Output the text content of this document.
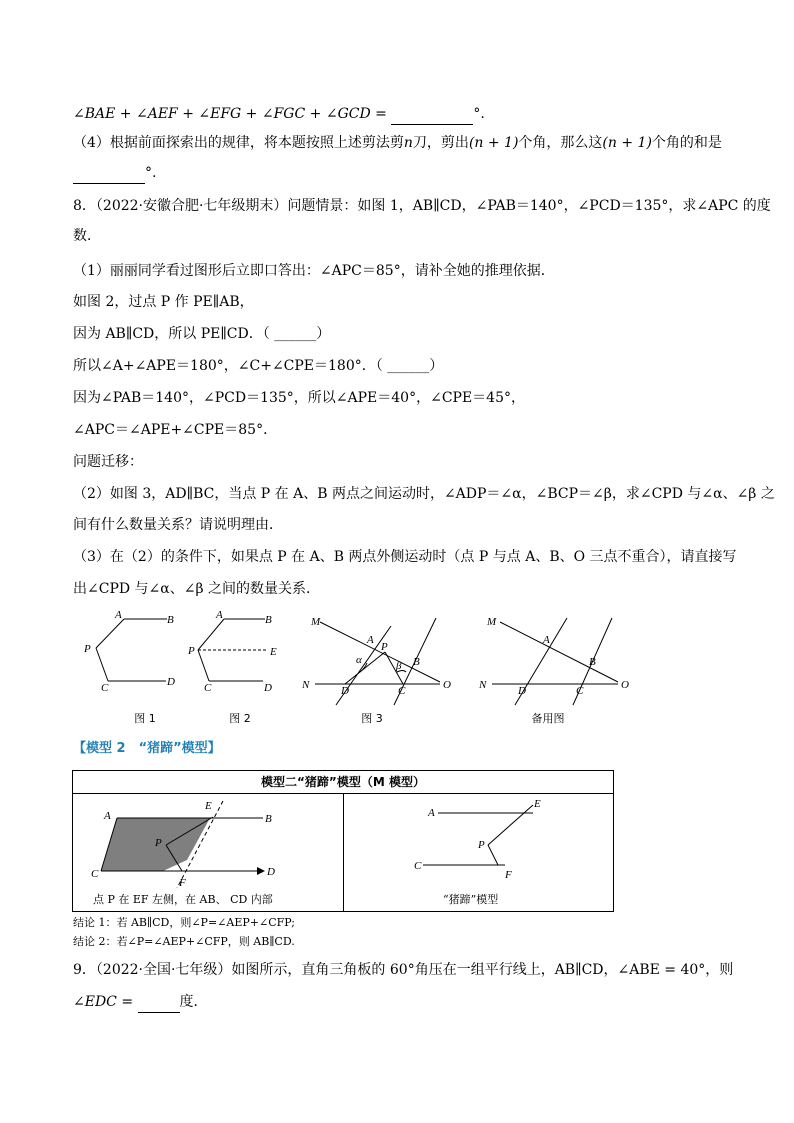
∠BAE + ∠AEF + ∠EFG + ∠FGC + ∠GCD =	°.
（4）根据前面探索出的规律，将本题按照上述剪法剪n刀，剪出(n + 1)个角，那么这(n + 1)个角的和是
°.
8．（2022·安徽合肥·七年级期末）问题情景：如图 1，AB∥CD，∠PAB＝140°，∠PCD＝135°，求∠APC 的度
数．
（1）丽丽同学看过图形后立即口答出：∠APC＝85°，请补全她的推理依据．
如图 2，过点 P 作 PE∥AB，
因为 AB∥CD，所以 PE∥CD．（ ______）
所以∠A+∠APE＝180°，∠C+∠CPE＝180°．（ ______）
因为∠PAB＝140°，∠PCD＝135°，所以∠APE＝40°，∠CPE＝45°，
∠APC＝∠APE+∠CPE＝85°．
问题迁移：
（2）如图 3，AD∥BC，当点 P 在 A、B 两点之间运动时，∠ADP＝∠α，∠BCP＝∠β，求∠CPD 与∠α、∠β 之
间有什么数量关系？请说明理由．
（3）在（2）的条件下，如果点 P 在 A、B 两点外侧运动时（点 P 与点 A、B、O 三点不重合），请直接写
出∠CPD 与∠α、∠β 之间的数量关系．
A	B
P
C	D
A	B
P	E
C	D
M
N
A
P
B
α	β
D	C	O
M
N
A
B
D	C	O
图 1	图 2	图 3	备用图
【模型 2　“猪蹄”模型】
模型二“猪蹄”模型（M 模型）
A	B
E
P
C	D
F
A
E
P
C
F
点 P 在 EF 左侧，在 AB、 CD 内部	“猪蹄”模型
结论 1：若 AB∥CD，则∠P=∠AEP+∠CFP;
结论 2：若∠P=∠AEP+∠CFP，则 AB∥CD.
9．（2022·全国·七年级）如图所示，直角三角板的 60°角压在一组平行线上，AB∥CD，∠ABE = 40°，则
∠EDC =	度．
